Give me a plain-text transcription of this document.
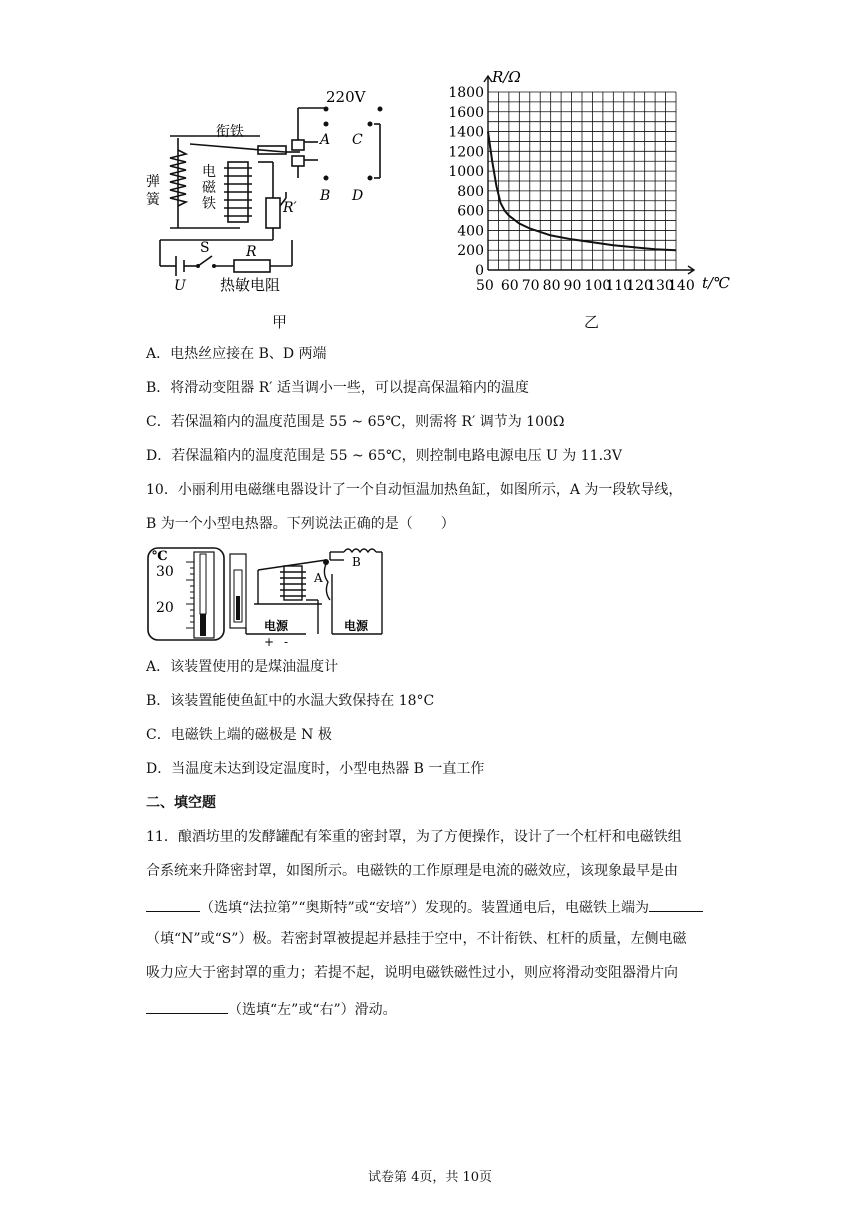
220V
衔铁
弹
簧
电
磁
铁
A C
B D
R′
S	R
U 热敏电阻
甲
50 60 70 80 90 100
110
120
130
140
0
200
400
600
800
1000
1200
1400
1600
1800
R/Ω
t/℃
乙
A．电热丝应接在 B、D 两端
B．将滑动变阻器 R′ 适当调小一些，可以提高保温箱内的温度
C．若保温箱内的温度范围是 55 ~ 65℃，则需将 R′ 调节为 100Ω
D．若保温箱内的温度范围是 55 ~ 65℃，则控制电路电源电压 U 为 11.3V
10．小丽利用电磁继电器设计了一个自动恒温加热鱼缸，如图所示，A 为一段软导线，
B 为一个小型电热器。下列说法正确的是（　　）
℃
30
20
A
B
电源	电源
+ -
A．该装置使用的是煤油温度计
B．该装置能使鱼缸中的水温大致保持在 18°C
C．电磁铁上端的磁极是 N 极
D．当温度未达到设定温度时，小型电热器 B 一直工作
二、填空题
11．酿酒坊里的发酵罐配有笨重的密封罩，为了方便操作，设计了一个杠杆和电磁铁组
合系统来升降密封罩，如图所示。电磁铁的工作原理是电流的磁效应，该现象最早是由
（选填“法拉第”“奥斯特”或“安培”）发现的。装置通电后，电磁铁上端为
（填“N”或“S”）极。若密封罩被提起并悬挂于空中，不计衔铁、杠杆的质量，左侧电磁
吸力应大于密封罩的重力；若提不起，说明电磁铁磁性过小，则应将滑动变阻器滑片向
（选填“左”或“右”）滑动。
试卷第 4页，共 10页
